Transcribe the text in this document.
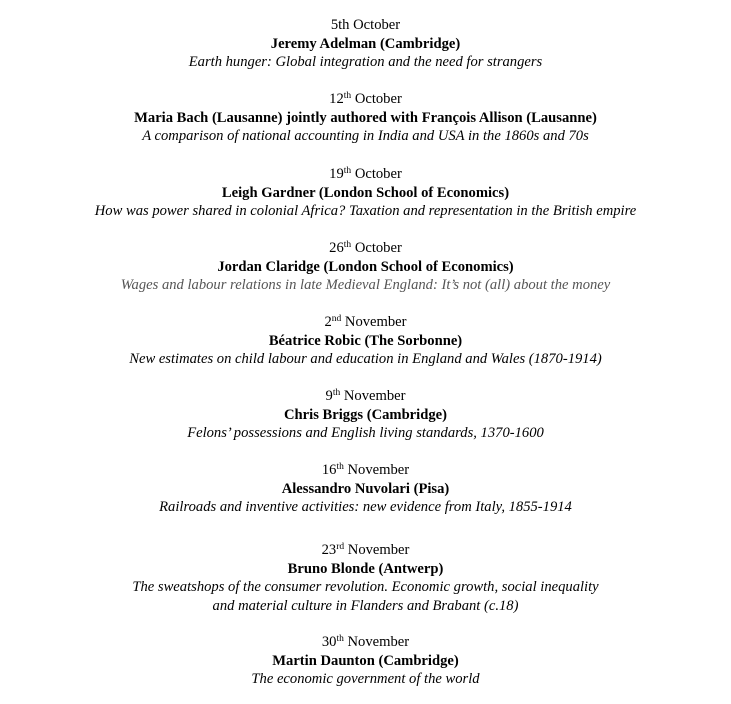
5th October
Jeremy Adelman (Cambridge)
Earth hunger: Global integration and the need for strangers
12th October
Maria Bach (Lausanne) jointly authored with François Allison (Lausanne)
A comparison of national accounting in India and USA in the 1860s and 70s
19th October
Leigh Gardner (London School of Economics)
How was power shared in colonial Africa? Taxation and representation in the British empire
26th October
Jordan Claridge (London School of Economics)
Wages and labour relations in late Medieval England: It’s not (all) about the money
2nd November
Béatrice Robic (The Sorbonne)
New estimates on child labour and education in England and Wales (1870-1914)
9th November
Chris Briggs (Cambridge)
Felons’ possessions and English living standards, 1370-1600
16th November
Alessandro Nuvolari (Pisa)
Railroads and inventive activities: new evidence from Italy, 1855-1914
23rd November
Bruno Blonde (Antwerp)
The sweatshops of the consumer revolution. Economic growth, social inequality
and material culture in Flanders and Brabant (c.18)
30th November
Martin Daunton (Cambridge)
The economic government of the world
